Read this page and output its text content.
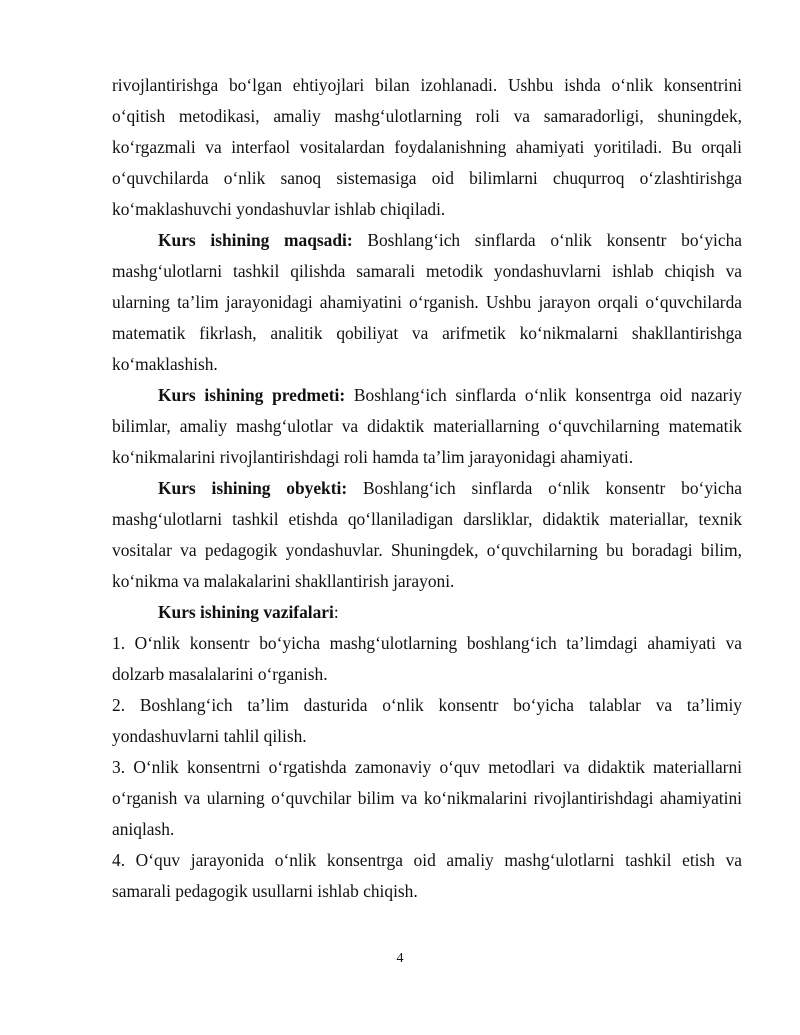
rivojlantirishga bo‘lgan ehtiyojlari bilan izohlanadi. Ushbu ishda o‘nlik konsentrini o‘qitish metodikasi, amaliy mashg‘ulotlarning roli va samaradorligi, shuningdek, ko‘rgazmali va interfaol vositalardan foydalanishning ahamiyati yoritiladi. Bu orqali o‘quvchilarda o‘nlik sanoq sistemasiga oid bilimlarni chuqurroq o‘zlashtirishga ko‘maklashuvchi yondashuvlar ishlab chiqiladi.

Kurs ishining maqsadi: Boshlang‘ich sinflarda o‘nlik konsentr bo‘yicha mashg‘ulotlarni tashkil qilishda samarali metodik yondashuvlarni ishlab chiqish va ularning ta’lim jarayonidagi ahamiyatini o‘rganish. Ushbu jarayon orqali o‘quvchilarda matematik fikrlash, analitik qobiliyat va arifmetik ko‘nikmalarni shakllantirishga ko‘maklashish.

Kurs ishining predmeti: Boshlang‘ich sinflarda o‘nlik konsentrga oid nazariy bilimlar, amaliy mashg‘ulotlar va didaktik materiallarning o‘quvchilarning matematik ko‘nikmalarini rivojlantirishdagi roli hamda ta’lim jarayonidagi ahamiyati.

Kurs ishining obyekti: Boshlang‘ich sinflarda o‘nlik konsentr bo‘yicha mashg‘ulotlarni tashkil etishda qo‘llaniladigan darsliklar, didaktik materiallar, texnik vositalar va pedagogik yondashuvlar. Shuningdek, o‘quvchilarning bu boradagi bilim, ko‘nikma va malakalarini shakllantirish jarayoni.

Kurs ishining vazifalari:

1. O‘nlik konsentr bo‘yicha mashg‘ulotlarning boshlang‘ich ta’limdagi ahamiyati va dolzarb masalalarini o‘rganish.

2. Boshlang‘ich ta’lim dasturida o‘nlik konsentr bo‘yicha talablar va ta’limiy yondashuvlarni tahlil qilish.

3. O‘nlik konsentrni o‘rgatishda zamonaviy o‘quv metodlari va didaktik materiallarni o‘rganish va ularning o‘quvchilar bilim va ko‘nikmalarini rivojlantirishdagi ahamiyatini aniqlash.

4. O‘quv jarayonida o‘nlik konsentrga oid amaliy mashg‘ulotlarni tashkil etish va samarali pedagogik usullarni ishlab chiqish.

4
